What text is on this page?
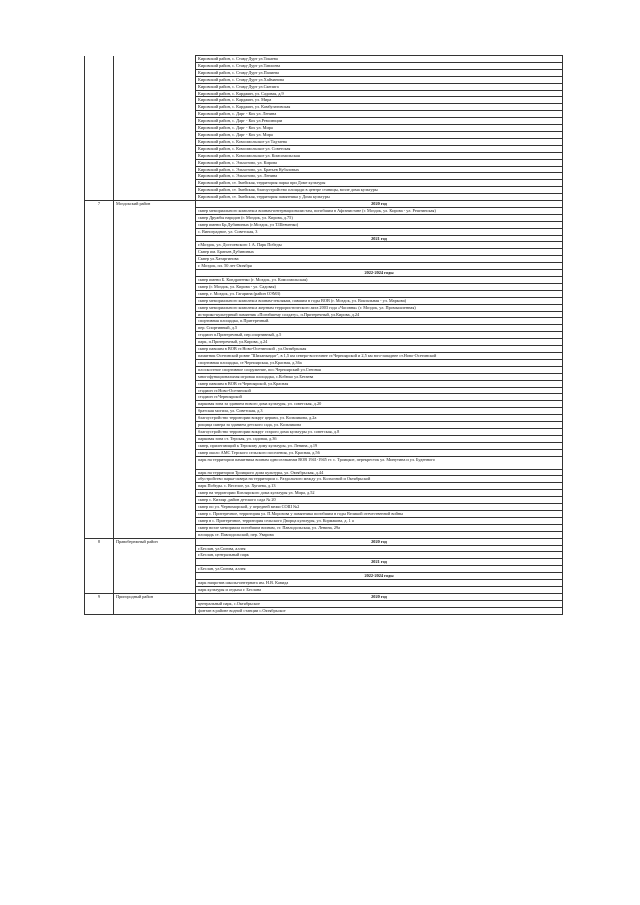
		Кировский район, с. Ставд-Дурт ул.Токаева
		Кировский район, с. Ставд-Дурт ул.Тавлоева
		Кировский район, с. Ставд-Дурт ул.Папиева
		Кировский район, с. Ставд-Дурт ул.Хайманова
		Кировский район, с. Ставд-Дурт ул.Скепига
		Кировский район, с. Карджин, ул. Садовая, д.9
		Кировский район, с. Карджин, ул. Мира
		Кировский район, с. Карджин, ул. Камбулатовская
		Кировский район, с. Дарг - Кох ул. Ленина
		Кировский район, с. Дарг - Кох ул.Революции
		Кировский район, с. Дарг - Кох ул. Мира
		Кировский район, с. Дарг - Кох ул. Мира
		Кировский район, с. Комсомольское ул Тадтаева
		Кировский район, с. Комсомольское ул. Советская
		Кировский район, с. Комсомольское ул. Комсомольская
		Кировский район, с. Эльхотово, ул. Кирова
		Кировский район, с. Эльхотово, ул. Братьев Кубаловых
		Кировский район, с. Эльхотово, ул. Ленина
		Кировский район, ст. Змейская, территория парка при Доме культуры
		Кировский район, ст. Змейская, благоустройство площади в центре станицы, возле дома культуры
		Кировский район, ст. Змейская, территория памятника у Дома культуры
7	Моздокский район	2020 год
		сквер мемориального комплекса воинам-интернационалистам, погибшим в Афганистане (г. Моздок, ул. Кирова - ул. Рештинская)
		сквер Дружбы народов (г. Моздок, ул. Кирова, д.75)
		сквер имени Бр.Дубининых (г.Моздок, ул Т.Шевченко)
		с. Виноградное, ул. Советская, 3
		2021 год
		г.Моздок, ул. Достоевского 1 А. Парк Победы
		Сквер им. Братьев Дубининых
		Сквер ул.Хатаргинова
		г. Моздок, пл. 50 лет Октября
		2022-2024 годы
		сквер имени Б. Кондратенко (г. Моздок, ул. Комсомольская)
		сквер (г. Моздок, ул. Кирова - ул. Садовая)
		сквер, г. Моздок, ул. Гагарина (район ОЭМЗ)
		сквер мемориального комплекса воинам-землякам, павшим в годы ВОВ (г. Моздок, ул. Вокзальная - ул. Маркова)
		сквер мемориального комплекса жертвам террористического акта 2003 года «Часовня» (г. Моздок, ул. Промышленная)
		историко-культурный памятник «Погибшему солдату», п.Притеречный, ул.Кирова, д.24
		спортивная площадка, п.Притеречный.
		пер. Спортивный, д.5
		стадион п.Притеречный, пер.спортивный, д.5
		парк, п.Притеречный, ул.Кирова, д.24
		сквер павшим в ВОВ ст.Ново-Осетинской , ул.Октябрьская
		памятник Осетинской ровне "Шиханындаг", в 1,5 км северо-восточнее ст.Черноярской и 2,5 км юго-западнее ст.Ново-Осетинской
		спортивная площадка, ст.Черноярская, ул.Красная, д.36а
		плоскостное спортивное сооружение, пос.Черноярский ул.Степная
		многофункциональная игровая площадка, с.Кобюко ул.Бетаева
		сквер павшим в ВОВ ст.Черноярской, ул.Красная
		стадион ст.Ново-Осетинской
		стадион ст.Черноярской
		парковая зона за зданием нового дома культуры, ул. советская, д.20
		братская могила, ул. Советская, д.3
		благоустройство территории вокруг церкви, ул. Кольчикова, д.2а
		рощица сквера за зданием детского сада, ул. Кольчикова
		благоустройство территории вокруг старого дома культуры ул. советская, д.8
		парковая зона ст. Терская, ул. садовая, д.36
		сквер, прилегающий к Терскому дому культуры, ул. Ленина, д.19
		сквер около АМС Терского сельского поселения, ул. Красная, д.56
		парк на территории памятника воинам односельчанам ВОВ 1941-1945 гг. с. Троицкое, перекресток ул. Минутина и ул. Буденного
		парк на территории Троицкого дома культуры, ул. Октябрьская, д.44
		обустройство парка-сквера на территории с. Раздольного между ул. Колхозной и Октябрьской
		парк Победы. с. Веселое, ул. Хугаева, д.13
		сквер на территории Кизлярского дома культуры ул. Мира, д.52
		сквер с. Кизляр ,район детского сада № 20
		сквер по ул. Черноморской, у передней межи СОШ №2
		сквер с. Притеречное, территория ул. П.Морозова у памятника погибшим в годы Великой отечественной войны
		сквер в с. Притеречное, территория сельского Дворца культуры, ул. Кормакова, д. 1 а
		сквер возле мемориала погибшим воинам, ст. Павлодольская, ул. Ленина, 29а
		площадь ст. Павлодольской, пер. Уварова
8	Правобережный район	2020 год
		г.Беслан, ул.Сигова, аллея
		г.Беслан, центральный парк
		2021 год
		г.Беслан, ул.Сигова, аллея
		2022-2024 годы
		парк напротив школы-интерната им. Н.В. Кавида
		парк культуры и отдыха г. Беслана
9	Пригородный район	2020 год
		центральный парк, с.Октябрьское
		фонтан в районе водной станции с.Октябрьское
